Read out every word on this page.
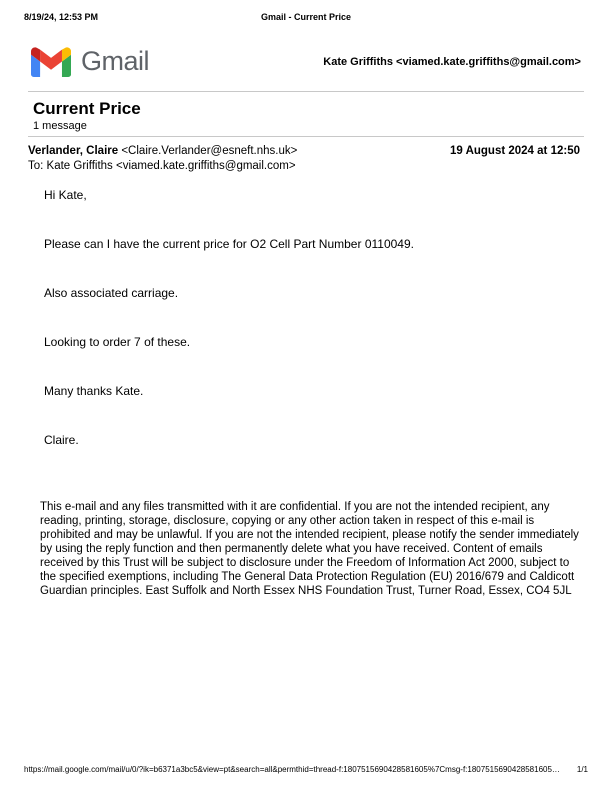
8/19/24, 12:53 PM	Gmail - Current Price
Gmail	Kate Griffiths <viamed.kate.griffiths@gmail.com>
Current Price
1 message
Verlander, Claire <Claire.Verlander@esneft.nhs.uk>	19 August 2024 at 12:50
To: Kate Griffiths <viamed.kate.griffiths@gmail.com>

Hi Kate,

Please can I have the current price for O2 Cell Part Number 0110049.

Also associated carriage.

Looking to order 7 of these.

Many thanks Kate.

Claire.

This e-mail and any files transmitted with it are confidential. If you are not the intended recipient, any reading, printing, storage, disclosure, copying or any other action taken in respect of this e-mail is prohibited and may be unlawful. If you are not the intended recipient, please notify the sender immediately by using the reply function and then permanently delete what you have received. Content of emails received by this Trust will be subject to disclosure under the Freedom of Information Act 2000, subject to the specified exemptions, including The General Data Protection Regulation (EU) 2016/679 and Caldicott Guardian principles. East Suffolk and North Essex NHS Foundation Trust, Turner Road, Essex, CO4 5JL
https://mail.google.com/mail/u/0/?ik=b6371a3bc5&view=pt&search=all&permthid=thread-f:1807515690428581605%7Cmsg-f:1807515690428581605… 1/1
